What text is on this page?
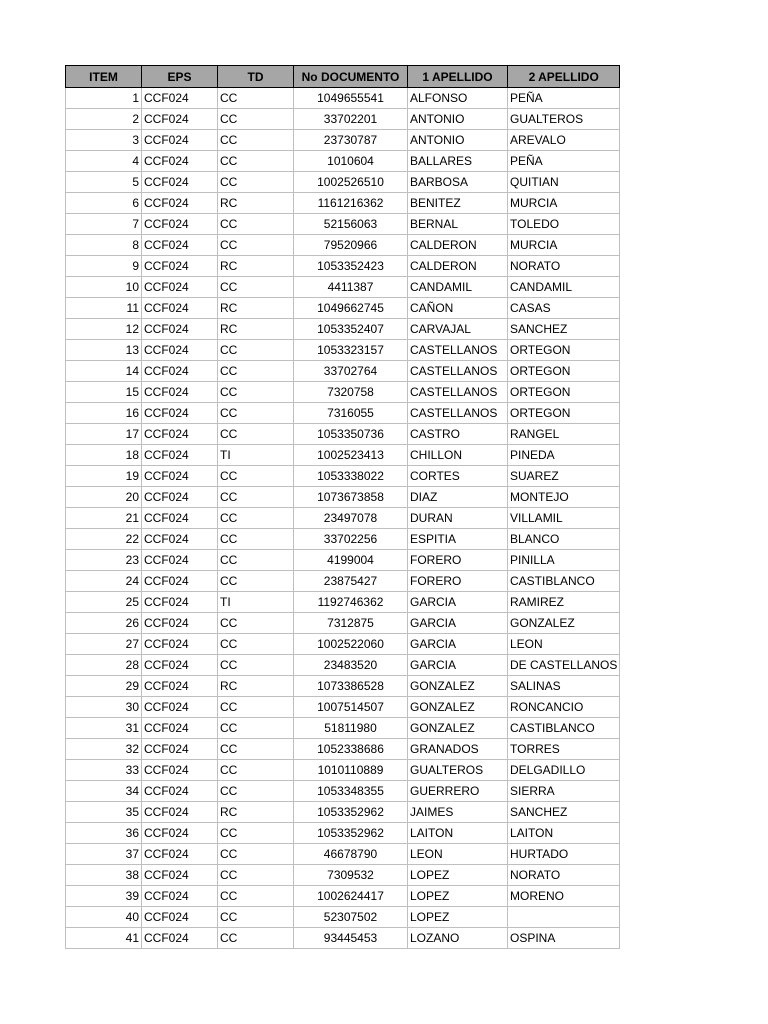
ITEM	EPS	TD	No DOCUMENTO	1 APELLIDO	2 APELLIDO
1	CCF024	CC	1049655541	ALFONSO	PEÑA
2	CCF024	CC	33702201	ANTONIO	GUALTEROS
3	CCF024	CC	23730787	ANTONIO	AREVALO
4	CCF024	CC	1010604	BALLARES	PEÑA
5	CCF024	CC	1002526510	BARBOSA	QUITIAN
6	CCF024	RC	1161216362	BENITEZ	MURCIA
7	CCF024	CC	52156063	BERNAL	TOLEDO
8	CCF024	CC	79520966	CALDERON	MURCIA
9	CCF024	RC	1053352423	CALDERON	NORATO
10	CCF024	CC	4411387	CANDAMIL	CANDAMIL
11	CCF024	RC	1049662745	CAÑON	CASAS
12	CCF024	RC	1053352407	CARVAJAL	SANCHEZ
13	CCF024	CC	1053323157	CASTELLANOS	ORTEGON
14	CCF024	CC	33702764	CASTELLANOS	ORTEGON
15	CCF024	CC	7320758	CASTELLANOS	ORTEGON
16	CCF024	CC	7316055	CASTELLANOS	ORTEGON
17	CCF024	CC	1053350736	CASTRO	RANGEL
18	CCF024	TI	1002523413	CHILLON	PINEDA
19	CCF024	CC	1053338022	CORTES	SUAREZ
20	CCF024	CC	1073673858	DIAZ	MONTEJO
21	CCF024	CC	23497078	DURAN	VILLAMIL
22	CCF024	CC	33702256	ESPITIA	BLANCO
23	CCF024	CC	4199004	FORERO	PINILLA
24	CCF024	CC	23875427	FORERO	CASTIBLANCO
25	CCF024	TI	1192746362	GARCIA	RAMIREZ
26	CCF024	CC	7312875	GARCIA	GONZALEZ
27	CCF024	CC	1002522060	GARCIA	LEON
28	CCF024	CC	23483520	GARCIA	DE CASTELLANOS
29	CCF024	RC	1073386528	GONZALEZ	SALINAS
30	CCF024	CC	1007514507	GONZALEZ	RONCANCIO
31	CCF024	CC	51811980	GONZALEZ	CASTIBLANCO
32	CCF024	CC	1052338686	GRANADOS	TORRES
33	CCF024	CC	1010110889	GUALTEROS	DELGADILLO
34	CCF024	CC	1053348355	GUERRERO	SIERRA
35	CCF024	RC	1053352962	JAIMES	SANCHEZ
36	CCF024	CC	1053352962	LAITON	LAITON
37	CCF024	CC	46678790	LEON	HURTADO
38	CCF024	CC	7309532	LOPEZ	NORATO
39	CCF024	CC	1002624417	LOPEZ	MORENO
40	CCF024	CC	52307502	LOPEZ	
41	CCF024	CC	93445453	LOZANO	OSPINA
